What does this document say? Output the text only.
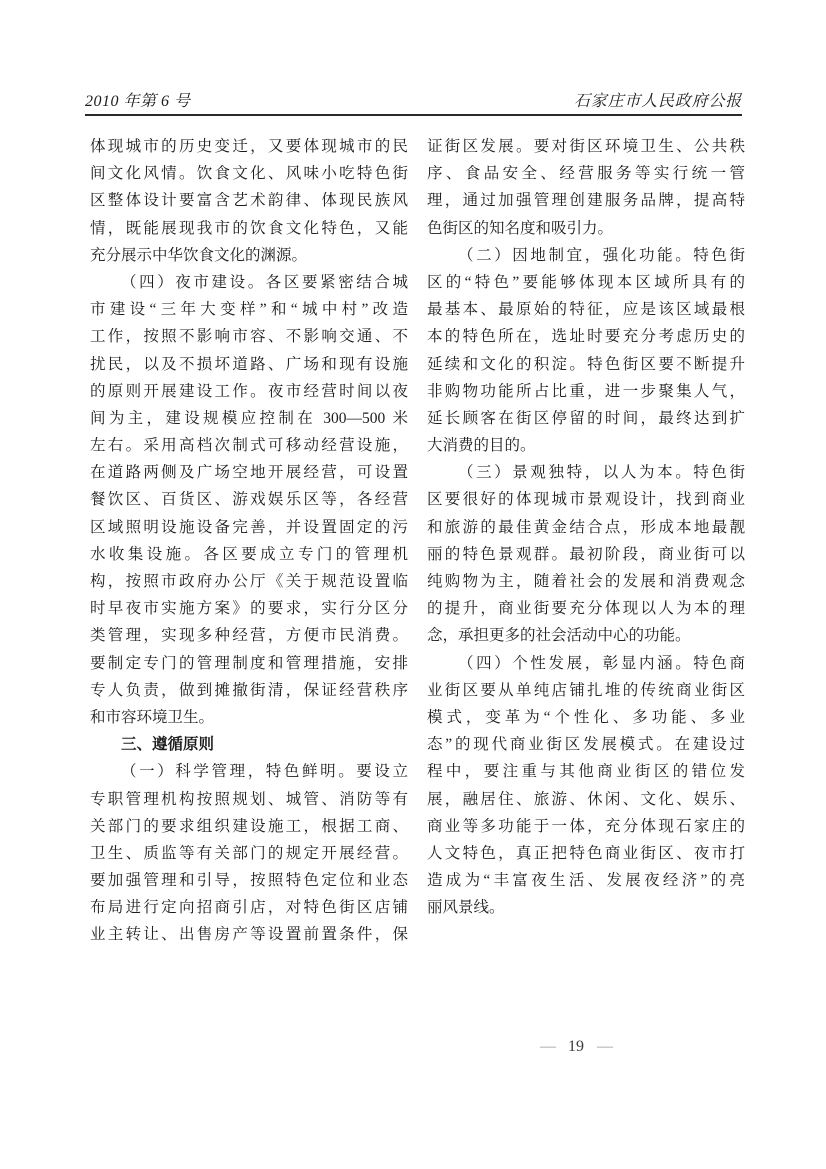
2010 年第 6 号	石家庄市人民政府公报
体现城市的历史变迁，又要体现城市的民
间文化风情。饮食文化、风味小吃特色街
区整体设计要富含艺术韵律、体现民族风
情，既能展现我市的饮食文化特色，又能
充分展示中华饮食文化的渊源。
（四）夜市建设。各区要紧密结合城
市建设“三年大变样”和“城中村”改造
工作，按照不影响市容、不影响交通、不
扰民，以及不损坏道路、广场和现有设施
的原则开展建设工作。夜市经营时间以夜
间为主，建设规模应控制在 300—500 米
左右。采用高档次制式可移动经营设施，
在道路两侧及广场空地开展经营，可设置
餐饮区、百货区、游戏娱乐区等，各经营
区域照明设施设备完善，并设置固定的污
水收集设施。各区要成立专门的管理机
构，按照市政府办公厅《关于规范设置临
时早夜市实施方案》的要求，实行分区分
类管理，实现多种经营，方便市民消费。
要制定专门的管理制度和管理措施，安排
专人负责，做到摊撤街清，保证经营秩序
和市容环境卫生。
三、遵循原则
（一）科学管理，特色鲜明。要设立
专职管理机构按照规划、城管、消防等有
关部门的要求组织建设施工，根据工商、
卫生、质监等有关部门的规定开展经营。
要加强管理和引导，按照特色定位和业态
布局进行定向招商引店，对特色街区店铺
业主转让、出售房产等设置前置条件，保
证街区发展。要对街区环境卫生、公共秩
序、食品安全、经营服务等实行统一管
理，通过加强管理创建服务品牌，提高特
色街区的知名度和吸引力。
（二）因地制宜，强化功能。特色街
区的“特色”要能够体现本区域所具有的
最基本、最原始的特征，应是该区域最根
本的特色所在，选址时要充分考虑历史的
延续和文化的积淀。特色街区要不断提升
非购物功能所占比重，进一步聚集人气，
延长顾客在街区停留的时间，最终达到扩
大消费的目的。
（三）景观独特，以人为本。特色街
区要很好的体现城市景观设计，找到商业
和旅游的最佳黄金结合点，形成本地最靓
丽的特色景观群。最初阶段，商业街可以
纯购物为主，随着社会的发展和消费观念
的提升，商业街要充分体现以人为本的理
念，承担更多的社会活动中心的功能。
（四）个性发展，彰显内涵。特色商
业街区要从单纯店铺扎堆的传统商业街区
模式，变革为“个性化、多功能、多业
态”的现代商业街区发展模式。在建设过
程中，要注重与其他商业街区的错位发
展，融居住、旅游、休闲、文化、娱乐、
商业等多功能于一体，充分体现石家庄的
人文特色，真正把特色商业街区、夜市打
造成为“丰富夜生活、发展夜经济”的亮
丽风景线。
— 19 —
